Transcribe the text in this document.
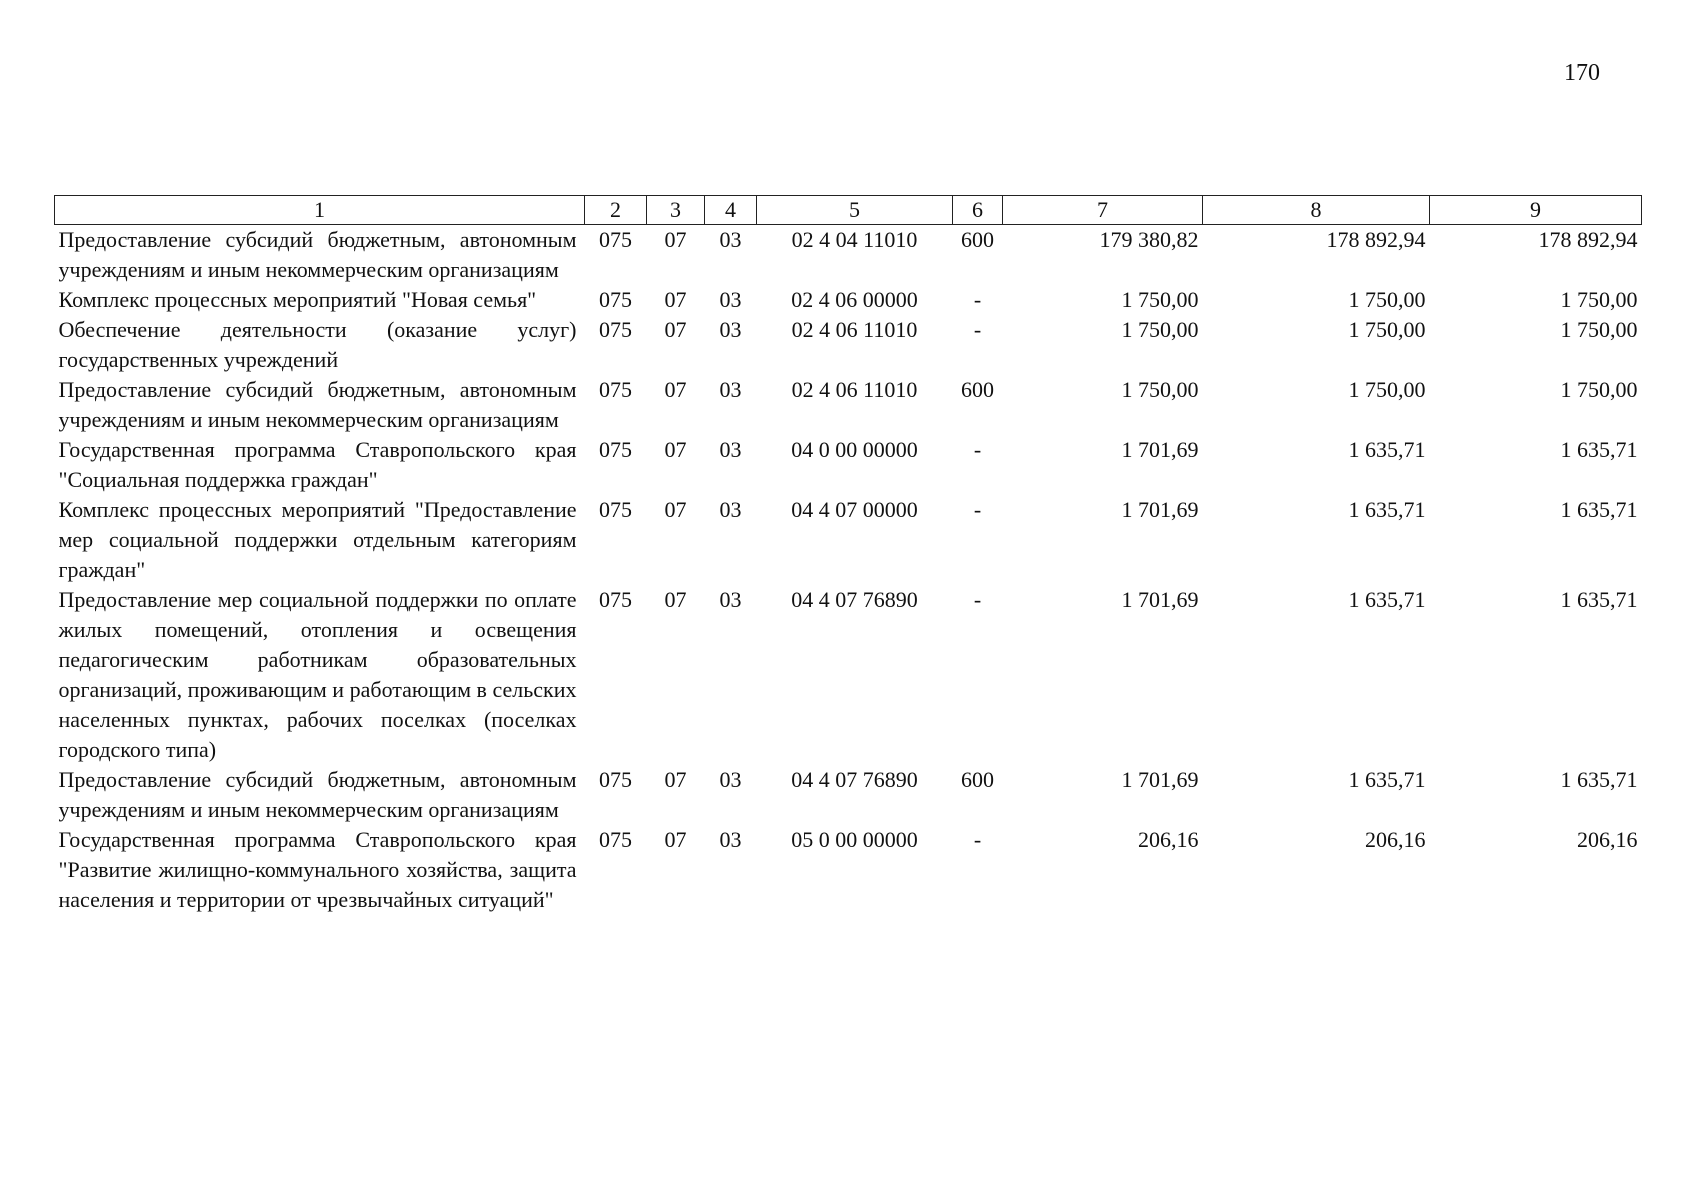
170
1	2	3	4	5	6	7	8	9
Предоставление субсидий бюджетным, автономным учреждениям и иным некоммерческим организациям	075	07	03	02 4 04 11010	600	179 380,82	178 892,94	178 892,94
Комплекс процессных мероприятий "Новая семья"	075	07	03	02 4 06 00000	-	1 750,00	1 750,00	1 750,00
Обеспечение деятельности (оказание услуг) государственных учреждений	075	07	03	02 4 06 11010	-	1 750,00	1 750,00	1 750,00
Предоставление субсидий бюджетным, автономным учреждениям и иным некоммерческим организациям	075	07	03	02 4 06 11010	600	1 750,00	1 750,00	1 750,00
Государственная программа Ставропольского края "Социальная поддержка граждан"	075	07	03	04 0 00 00000	-	1 701,69	1 635,71	1 635,71
Комплекс процессных мероприятий "Предоставление мер социальной поддержки отдельным категориям граждан"	075	07	03	04 4 07 00000	-	1 701,69	1 635,71	1 635,71
Предоставление мер социальной поддержки по оплате жилых помещений, отопления и освещения педагогическим работникам образовательных организаций, проживающим и работающим в сельских населенных пунктах, рабочих поселках (поселках городского типа)	075	07	03	04 4 07 76890	-	1 701,69	1 635,71	1 635,71
Предоставление субсидий бюджетным, автономным учреждениям и иным некоммерческим организациям	075	07	03	04 4 07 76890	600	1 701,69	1 635,71	1 635,71
Государственная программа Ставропольского края "Развитие жилищно-коммунального хозяйства, защита населения и территории от чрезвычайных ситуаций"	075	07	03	05 0 00 00000	-	206,16	206,16	206,16
